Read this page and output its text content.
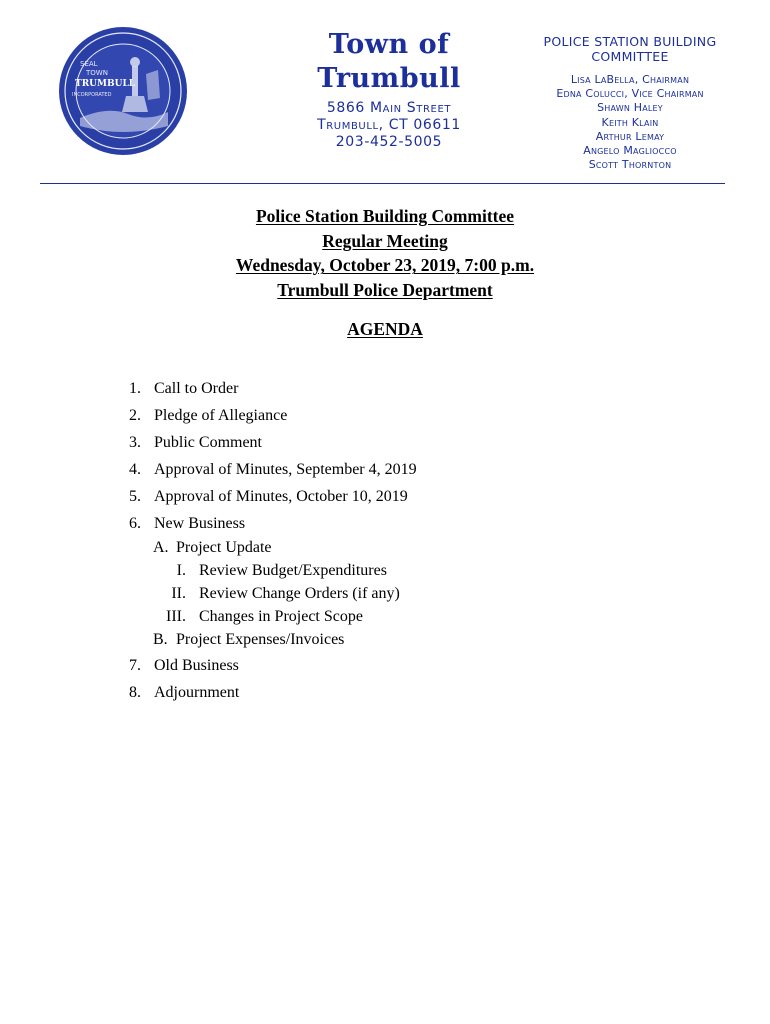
SEAL
TOWN
TRUMBULL
INCORPORATED
Town of Trumbull
5866 Main Street
Trumbull, CT 06611
203-452-5005
POLICE STATION BUILDING
COMMITTEE
Lisa LaBella, Chairman
Edna Colucci, Vice Chairman
Shawn Haley
Keith Klain
Arthur Lemay
Angelo Magliocco
Scott Thornton
Police Station Building Committee
Regular Meeting
Wednesday, October 23, 2019, 7:00 p.m.
Trumbull Police Department
AGENDA
1. Call to Order
2. Pledge of Allegiance
3. Public Comment
4. Approval of Minutes, September 4, 2019
5. Approval of Minutes, October 10, 2019
6. New Business
A. Project Update
I. Review Budget/Expenditures
II. Review Change Orders (if any)
III. Changes in Project Scope
B. Project Expenses/Invoices
7. Old Business
8. Adjournment
